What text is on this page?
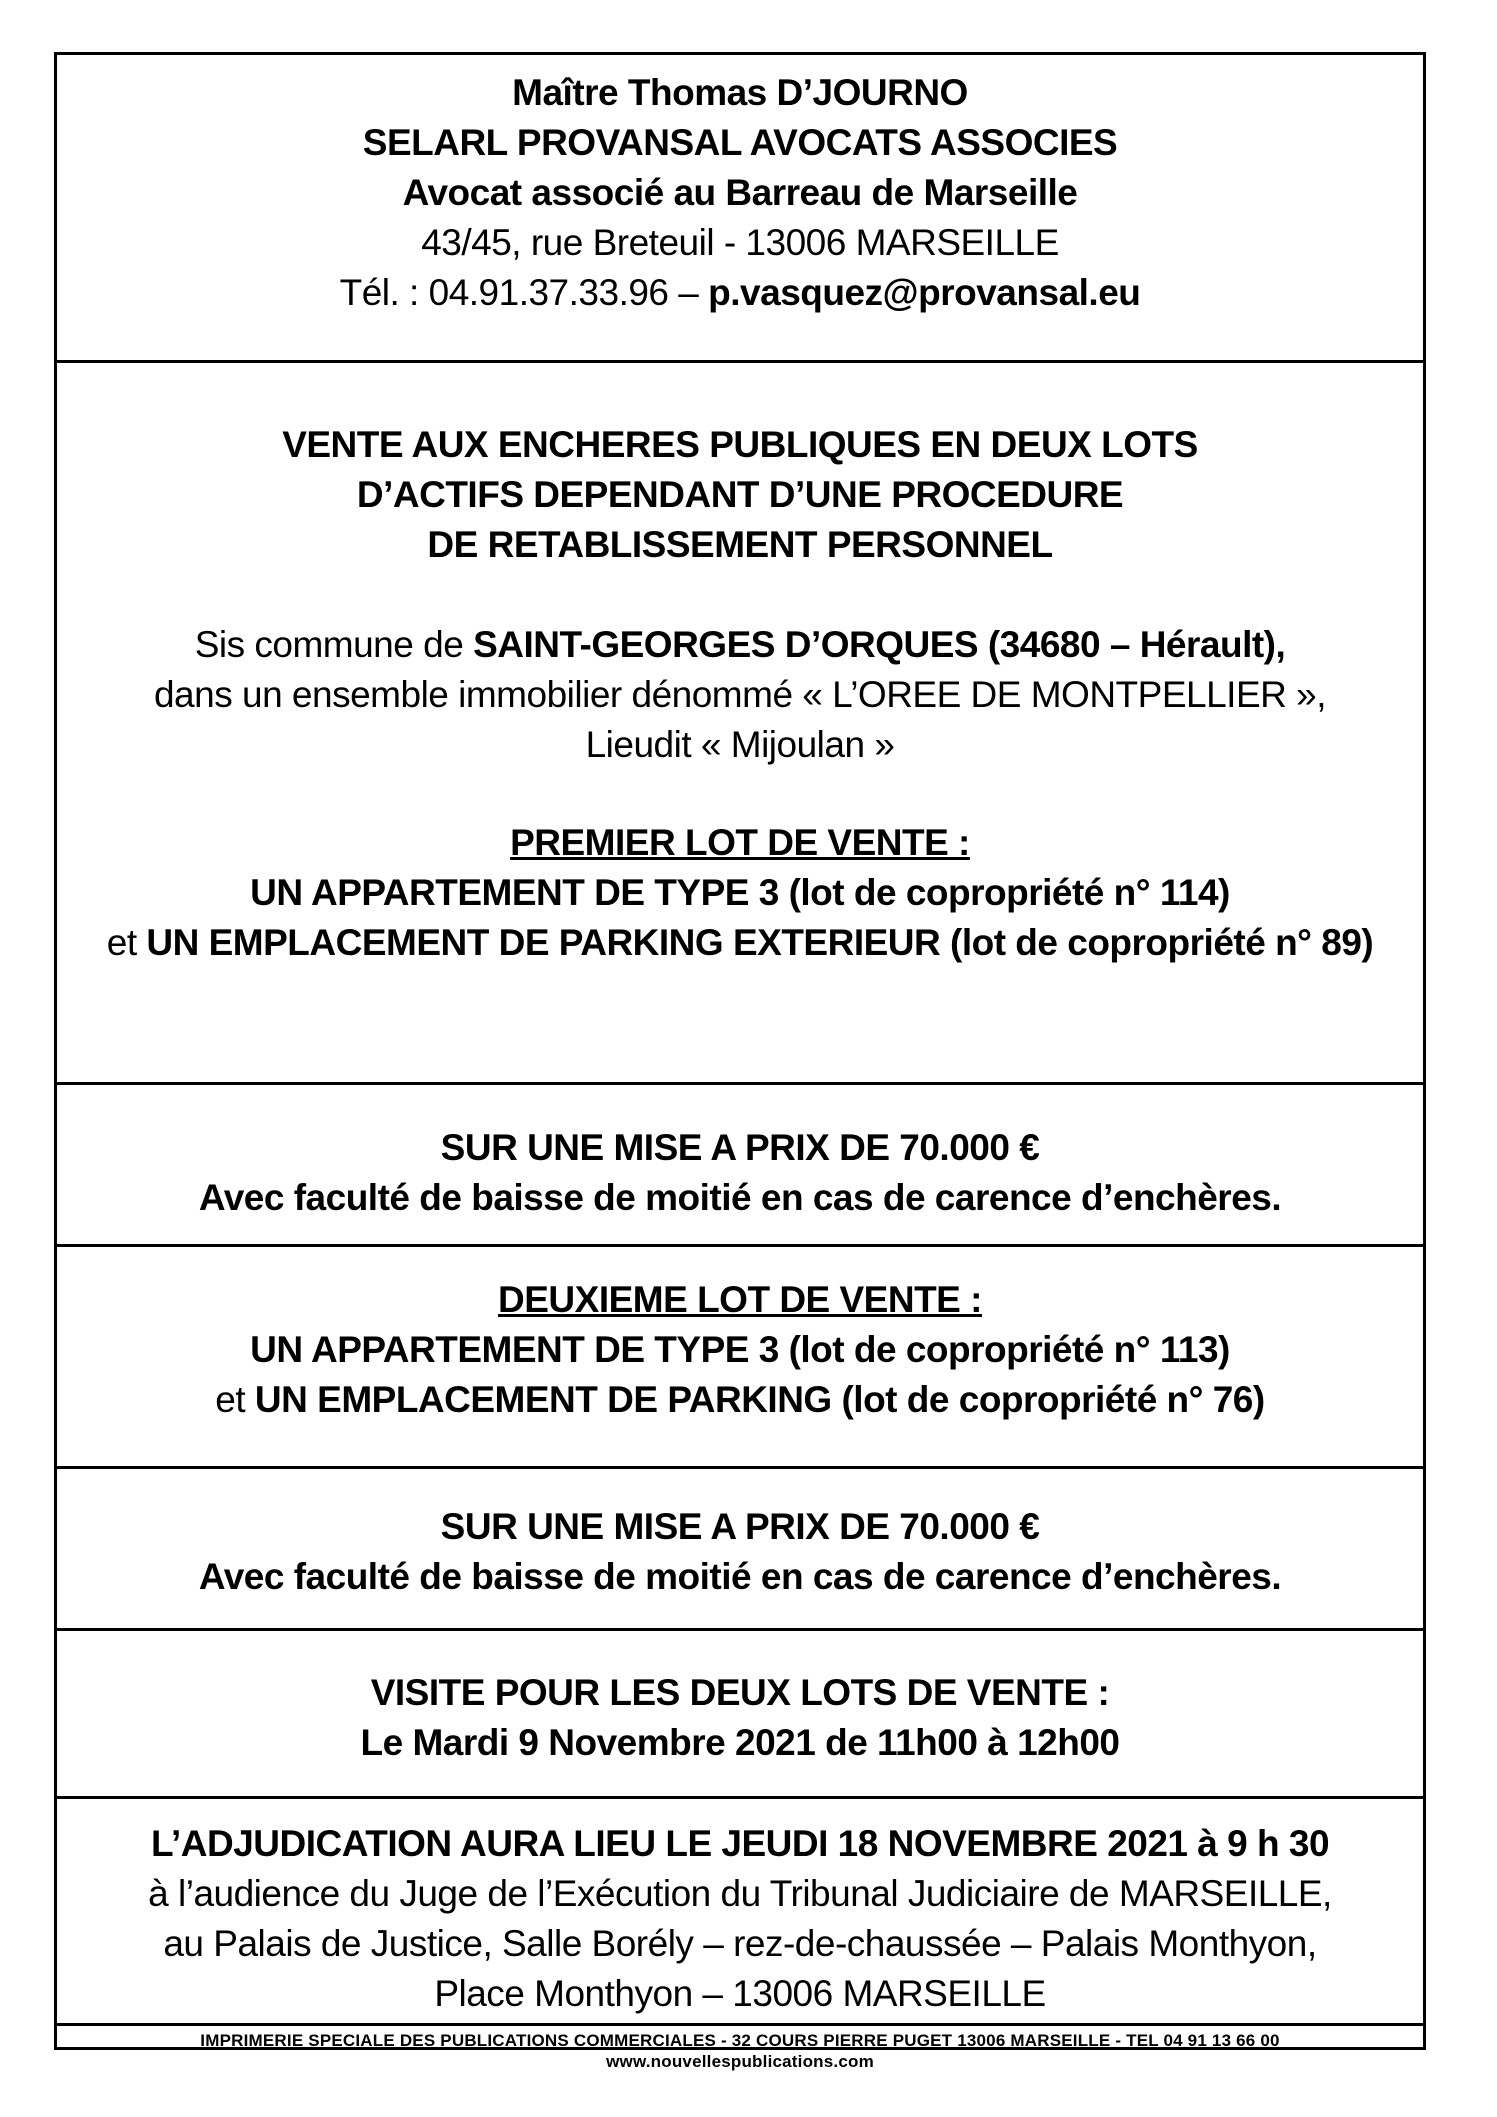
Maître Thomas D’JOURNO
SELARL PROVANSAL AVOCATS ASSOCIES
Avocat associé au Barreau de Marseille
43/45, rue Breteuil - 13006 MARSEILLE
Tél. : 04.91.37.33.96 – p.vasquez@provansal.eu
VENTE AUX ENCHERES PUBLIQUES EN DEUX LOTS
D’ACTIFS DEPENDANT D’UNE PROCEDURE
DE RETABLISSEMENT PERSONNEL
Sis commune de SAINT-GEORGES D’ORQUES (34680 – Hérault),
dans un ensemble immobilier dénommé « L’OREE DE MONTPELLIER »,
Lieudit « Mijoulan »
PREMIER LOT DE VENTE :
UN APPARTEMENT DE TYPE 3 (lot de copropriété n° 114)
et UN EMPLACEMENT DE PARKING EXTERIEUR (lot de copropriété n° 89)
SUR UNE MISE A PRIX DE 70.000 €
Avec faculté de baisse de moitié en cas de carence d’enchères.
DEUXIEME LOT DE VENTE :
UN APPARTEMENT DE TYPE 3 (lot de copropriété n° 113)
et UN EMPLACEMENT DE PARKING (lot de copropriété n° 76)
SUR UNE MISE A PRIX DE 70.000 €
Avec faculté de baisse de moitié en cas de carence d’enchères.
VISITE POUR LES DEUX LOTS DE VENTE :
Le Mardi 9 Novembre 2021 de 11h00 à 12h00
L’ADJUDICATION AURA LIEU LE JEUDI 18 NOVEMBRE 2021 à 9 h 30
à l’audience du Juge de l’Exécution du Tribunal Judiciaire de MARSEILLE,
au Palais de Justice, Salle Borély – rez-de-chaussée – Palais Monthyon,
Place Monthyon – 13006 MARSEILLE
IMPRIMERIE SPECIALE DES PUBLICATIONS COMMERCIALES - 32 COURS PIERRE PUGET 13006 MARSEILLE - TEL 04 91 13 66 00
www.nouvellespublications.com
